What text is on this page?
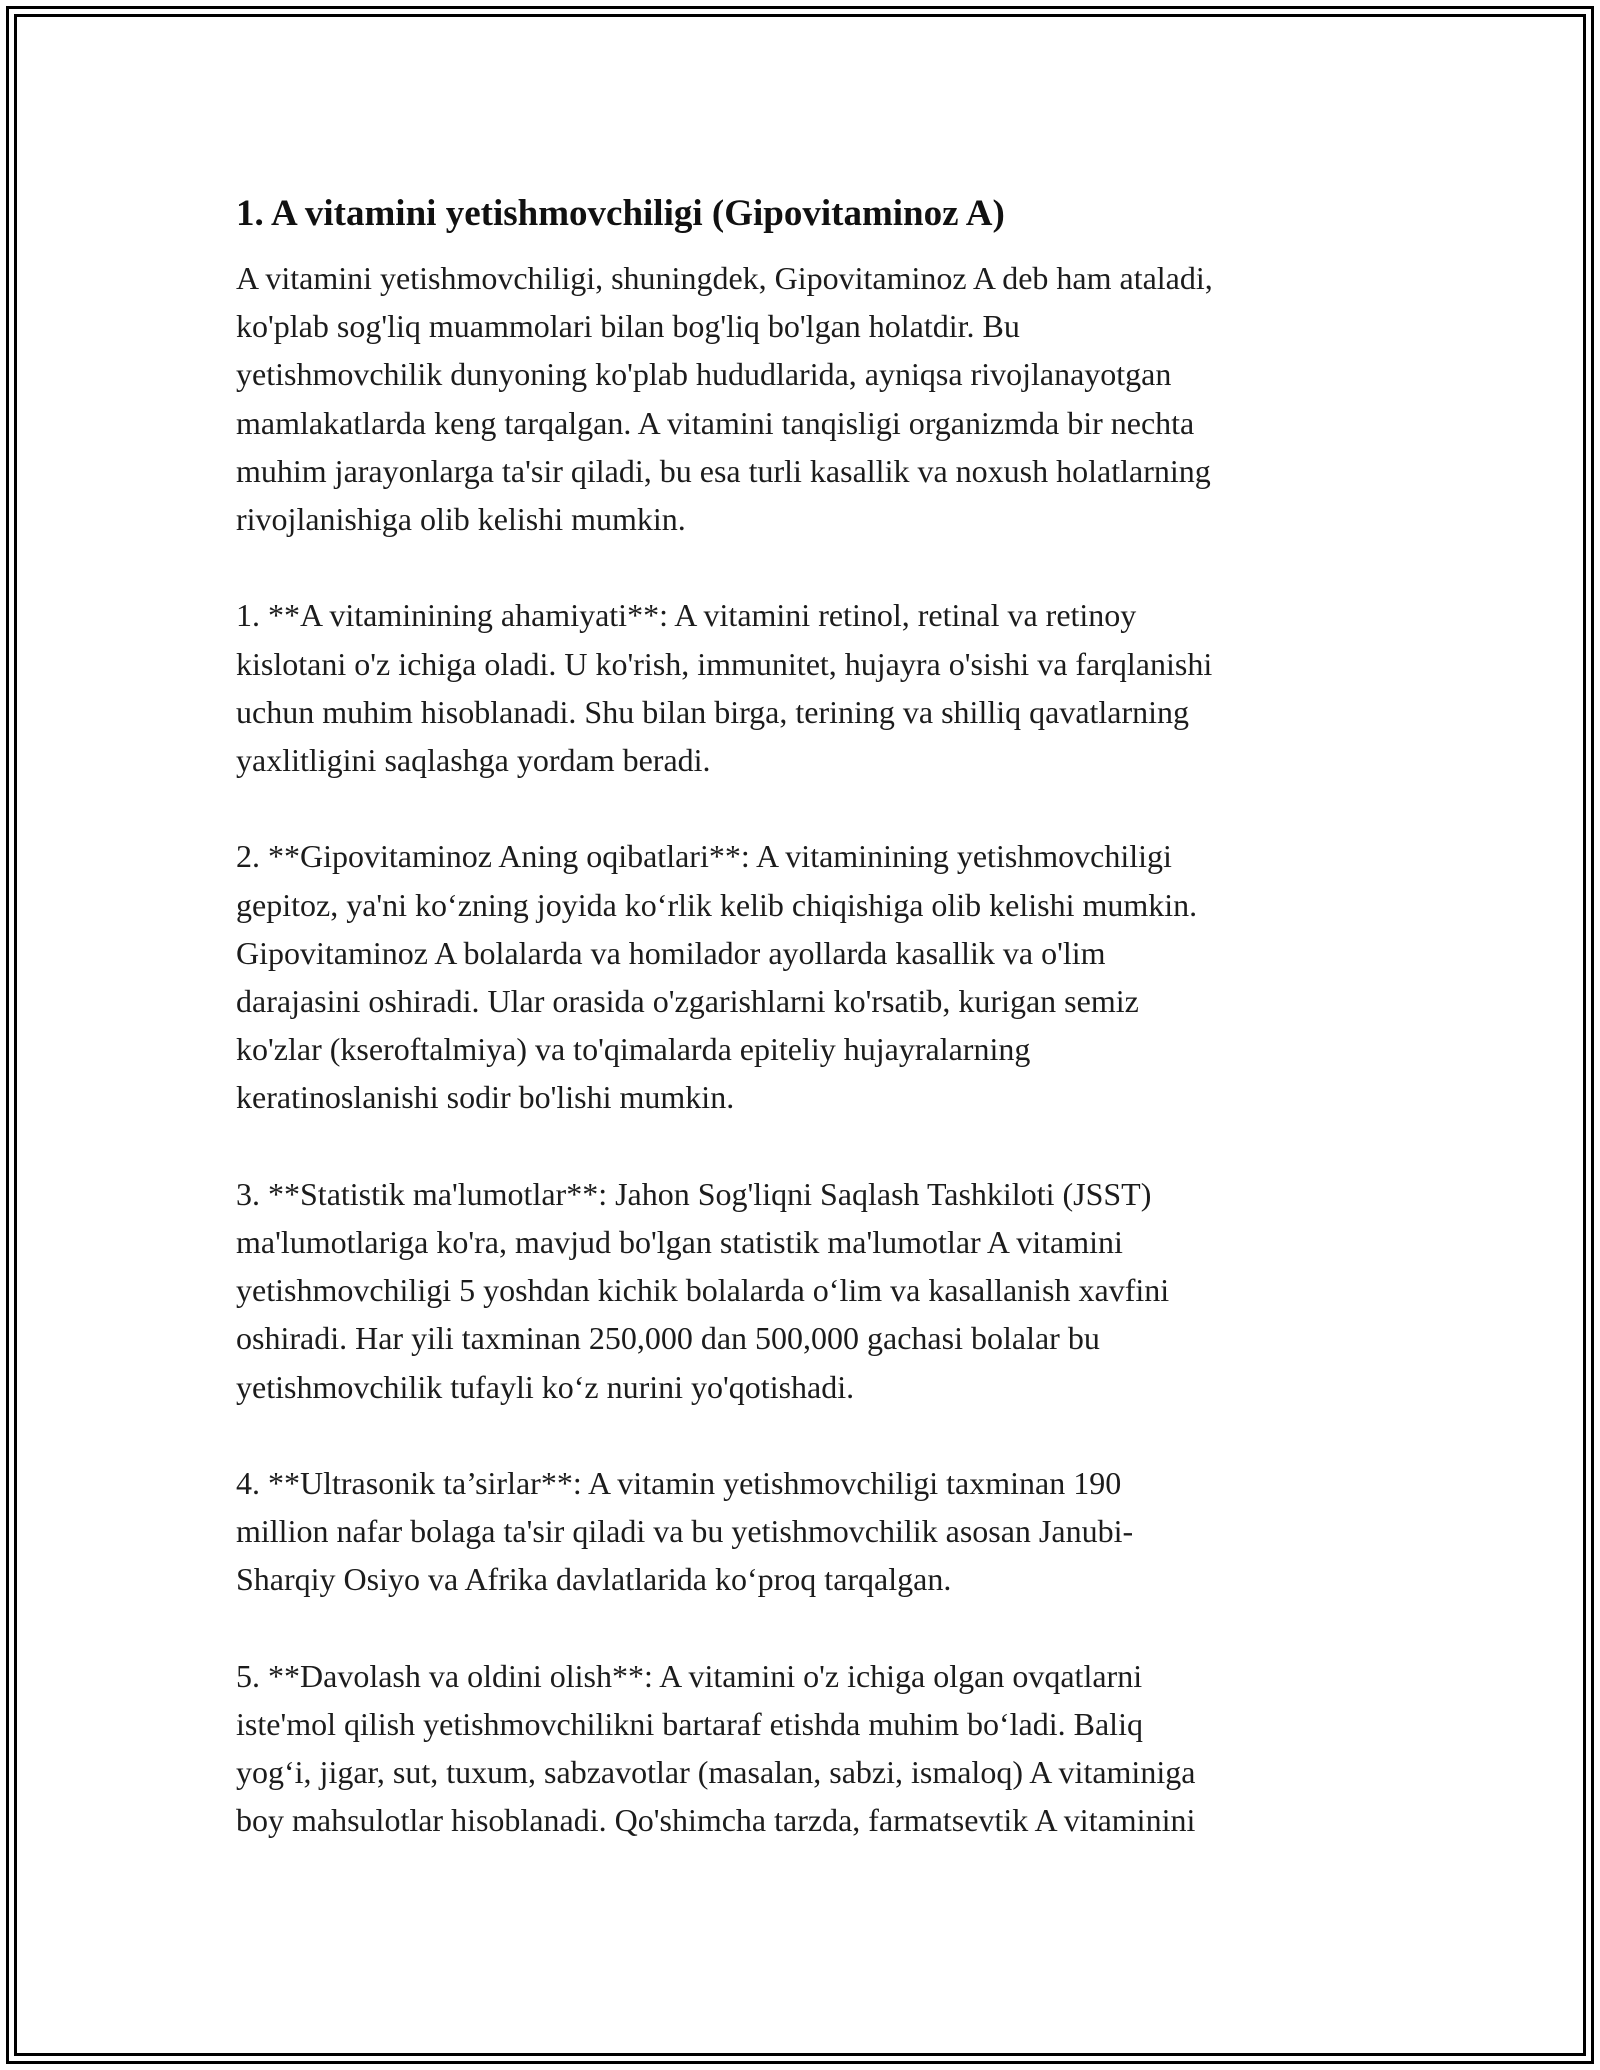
1. A vitamini yetishmovchiligi (Gipovitaminoz A)

A vitamini yetishmovchiligi, shuningdek, Gipovitaminoz A deb ham ataladi,
ko'plab sog'liq muammolari bilan bog'liq bo'lgan holatdir. Bu
yetishmovchilik dunyoning ko'plab hududlarida, ayniqsa rivojlanayotgan
mamlakatlarda keng tarqalgan. A vitamini tanqisligi organizmda bir nechta
muhim jarayonlarga ta'sir qiladi, bu esa turli kasallik va noxush holatlarning
rivojlanishiga olib kelishi mumkin.

1. **A vitaminining ahamiyati**: A vitamini retinol, retinal va retinoy
kislotani o'z ichiga oladi. U ko'rish, immunitet, hujayra o'sishi va farqlanishi
uchun muhim hisoblanadi. Shu bilan birga, terining va shilliq qavatlarning
yaxlitligini saqlashga yordam beradi.

2. **Gipovitaminoz Aning oqibatlari**: A vitaminining yetishmovchiligi
gepitoz, ya'ni ko‘zning joyida ko‘rlik kelib chiqishiga olib kelishi mumkin.
Gipovitaminoz A bolalarda va homilador ayollarda kasallik va o'lim
darajasini oshiradi. Ular orasida o'zgarishlarni ko'rsatib, kurigan semiz
ko'zlar (kseroftalmiya) va to'qimalarda epiteliy hujayralarning
keratinoslanishi sodir bo'lishi mumkin.

3. **Statistik ma'lumotlar**: Jahon Sog'liqni Saqlash Tashkiloti (JSST)
ma'lumotlariga ko'ra, mavjud bo'lgan statistik ma'lumotlar A vitamini
yetishmovchiligi 5 yoshdan kichik bolalarda o‘lim va kasallanish xavfini
oshiradi. Har yili taxminan 250,000 dan 500,000 gachasi bolalar bu
yetishmovchilik tufayli ko‘z nurini yo'qotishadi.

4. **Ultrasonik ta’sirlar**: A vitamin yetishmovchiligi taxminan 190
million nafar bolaga ta'sir qiladi va bu yetishmovchilik asosan Janubi-
Sharqiy Osiyo va Afrika davlatlarida ko‘proq tarqalgan.

5. **Davolash va oldini olish**: A vitamini o'z ichiga olgan ovqatlarni
iste'mol qilish yetishmovchilikni bartaraf etishda muhim bo‘ladi. Baliq
yog‘i, jigar, sut, tuxum, sabzavotlar (masalan, sabzi, ismaloq) A vitaminiga
boy mahsulotlar hisoblanadi. Qo'shimcha tarzda, farmatsevtik A vitaminini
